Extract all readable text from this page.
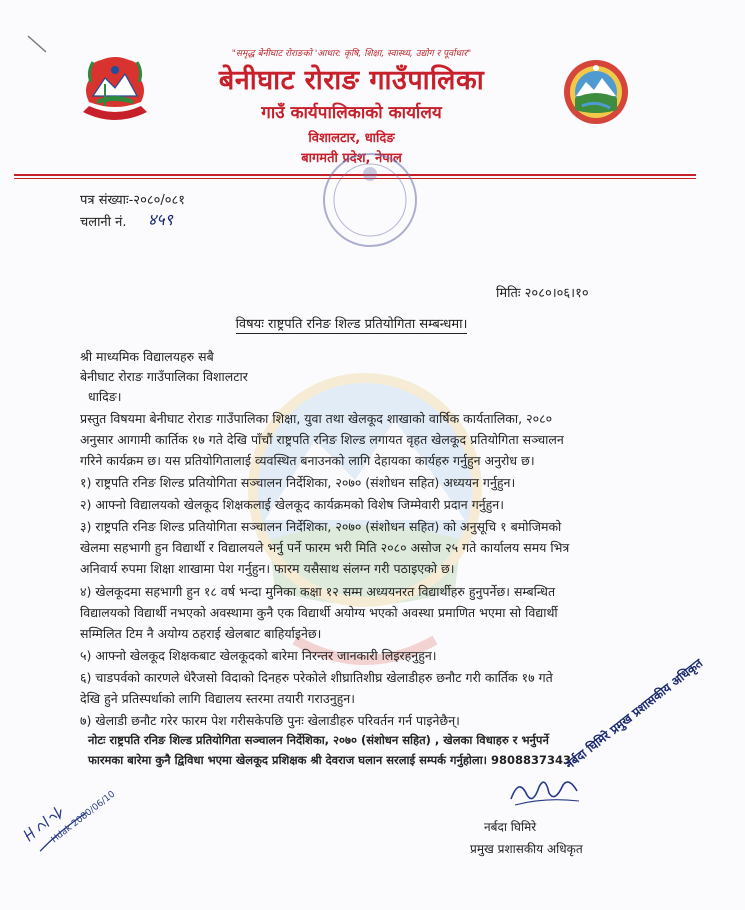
"समृद्ध बेनीघाट रोराङको 'आधार: कृषि, शिक्षा, स्वास्थ्य, उद्योग र पूर्वाधार"
बेनीघाट रोराङ गाउँपालिका
गाउँ कार्यपालिकाको कार्यालय
विशालटार, धादिङ
बागमती प्रदेश, नेपाल
पत्र संख्याः-२०८०/०८१
चलानी नं. ४५९
मितिः २०८०।०६।१०
विषयः राष्ट्रपति रनिङ शिल्ड प्रतियोगिता सम्बन्धमा।
श्री माध्यमिक विद्यालयहरु सबै
बेनीघाट रोराङ गाउँपालिका विशालटार
धादिङ।
प्रस्तुत विषयमा बेनीघाट रोराङ गाउँपालिका शिक्षा, युवा तथा खेलकूद शाखाको वार्षिक कार्यतालिका, २०८०
अनुसार आगामी कार्तिक १७ गते देखि पाँचौं राष्ट्रपति रनिङ शिल्ड लगायत वृहत खेलकूद प्रतियोगिता सञ्चालन
गरिने कार्यक्रम छ। यस प्रतियोगितालाई व्यवस्थित बनाउनको लागि देहायका कार्यहरु गर्नुहुन अनुरोध छ।
१) राष्ट्रपति रनिङ शिल्ड प्रतियोगिता सञ्चालन निर्देशिका, २०७० (संशोधन सहित) अध्ययन गर्नुहुन।
२) आफ्नो विद्यालयको खेलकूद शिक्षकलाई खेलकूद कार्यक्रमको विशेष जिम्मेवारी प्रदान गर्नुहुन।
३) राष्ट्रपति रनिङ शिल्ड प्रतियोगिता सञ्चालन निर्देशिका, २०७० (संशोधन सहित) को अनुसूचि १ बमोजिमको
खेलमा सहभागी हुन विद्यार्थी र विद्यालयले भर्नु पर्ने फारम भरी मिति २०८० असोज २५ गते कार्यालय समय भित्र
अनिवार्य रुपमा शिक्षा शाखामा पेश गर्नुहुन। फारम यसैसाथ संलग्न गरी पठाइएको छ।
४) खेलकूदमा सहभागी हुन १८ वर्ष भन्दा मुनिका कक्षा १२ सम्म अध्ययनरत विद्यार्थीहरु हुनुपर्नेछ। सम्बन्धित
विद्यालयको विद्यार्थी नभएको अवस्थामा कुनै एक विद्यार्थी अयोग्य भएको अवस्था प्रमाणित भएमा सो विद्यार्थी
सम्मिलित टिम नै अयोग्य ठहराई खेलबाट बाहिर्याइनेछ।
५) आफ्नो खेलकूद शिक्षकबाट खेलकूदको बारेमा निरन्तर जानकारी लिइरहनुहुन।
६) चाडपर्वको कारणले धेरैजसो विदाको दिनहरु परेकोले शीघ्रातिशीघ्र खेलाडीहरु छनौट गरी कार्तिक १७ गते
देखि हुने प्रतिस्पर्धाको लागि विद्यालय स्तरमा तयारी गराउनुहुन।
७) खेलाडी छनौट गरेर फारम पेश गरीसकेपछि पुनः खेलाडीहरु परिवर्तन गर्न पाइनेछैन्।
नोटः राष्ट्रपति रनिङ शिल्ड प्रतियोगिता सञ्चालन निर्देशिका, २०७० (संशोधन सहित) , खेलका विधाहरु र भर्नुपर्ने
फारमका बारेमा कुनै द्विविधा भएमा खेलकूद प्रशिक्षक श्री देवराज घलान सरलाई सम्पर्क गर्नुहोला। 9808837343
Hdak 2080/06/10
नर्बदा घिमिरे प्रमुख प्रशासकीय अधिकृत
नर्बदा घिमिरे
प्रमुख प्रशासकीय अधिकृत
